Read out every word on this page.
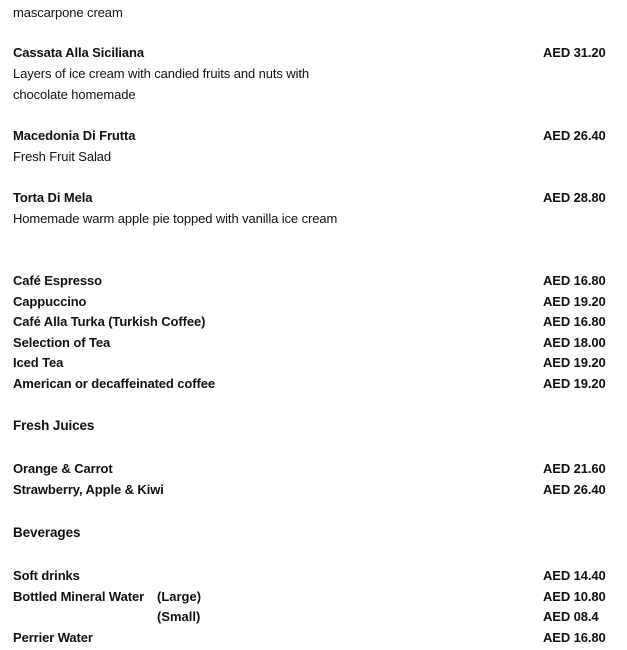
mascarpone cream
Cassata Alla Siciliana	AED 31.20
Layers of ice cream with candied fruits and nuts with
chocolate homemade
Macedonia Di Frutta	AED 26.40
Fresh Fruit Salad
Torta Di Mela	AED 28.80
Homemade warm apple pie topped with vanilla ice cream
Café Espresso	AED 16.80
Cappuccino	AED 19.20
Café Alla Turka (Turkish Coffee)	AED 16.80
Selection of Tea	AED 18.00
Iced Tea	AED 19.20
American or decaffeinated coffee	AED 19.20
Fresh Juices
Orange & Carrot	AED 21.60
Strawberry, Apple & Kiwi	AED 26.40
Beverages
Soft drinks	AED 14.40
Bottled Mineral Water (Large)	AED 10.80
(Small)	AED 08.4
Perrier Water	AED 16.80
